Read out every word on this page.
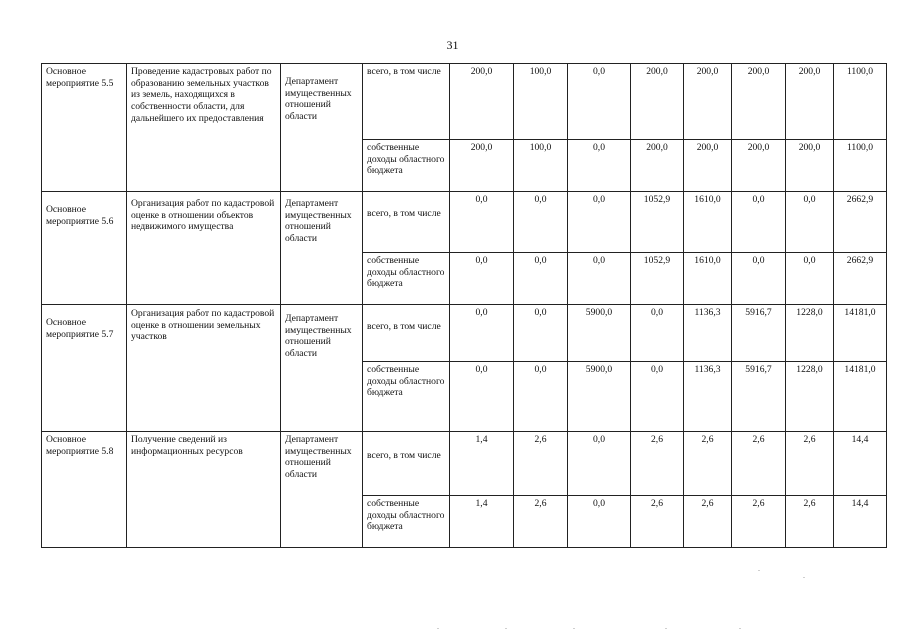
31
Основное мероприятие 5.5	Проведение кадастровых работ по образованию земельных участков из земель, находящихся в собственности области, для дальнейшего их предоставления	Департамент имущественных отношений области	всего, в том числе	200,0	100,0	0,0	200,0	200,0	200,0	200,0	1100,0
			собственные доходы областного бюджета	200,0	100,0	0,0	200,0	200,0	200,0	200,0	1100,0
Основное мероприятие 5.6	Организация работ по кадастровой оценке в отношении объектов недвижимого имущества	Департамент имущественных отношений области	всего, в том числе	0,0	0,0	0,0	1052,9	1610,0	0,0	0,0	2662,9
			собственные доходы областного бюджета	0,0	0,0	0,0	1052,9	1610,0	0,0	0,0	2662,9
Основное мероприятие 5.7	Организация работ по кадастровой оценке в отношении земельных участков	Департамент имущественных отношений области	всего, в том числе	0,0	0,0	5900,0	0,0	1136,3	5916,7	1228,0	14181,0
			собственные доходы областного бюджета	0,0	0,0	5900,0	0,0	1136,3	5916,7	1228,0	14181,0
Основное мероприятие 5.8	Получение сведений из информационных ресурсов	Департамент имущественных отношений области	всего, в том числе	1,4	2,6	0,0	2,6	2,6	2,6	2,6	14,4
			собственные доходы областного бюджета	1,4	2,6	0,0	2,6	2,6	2,6	2,6	14,4
